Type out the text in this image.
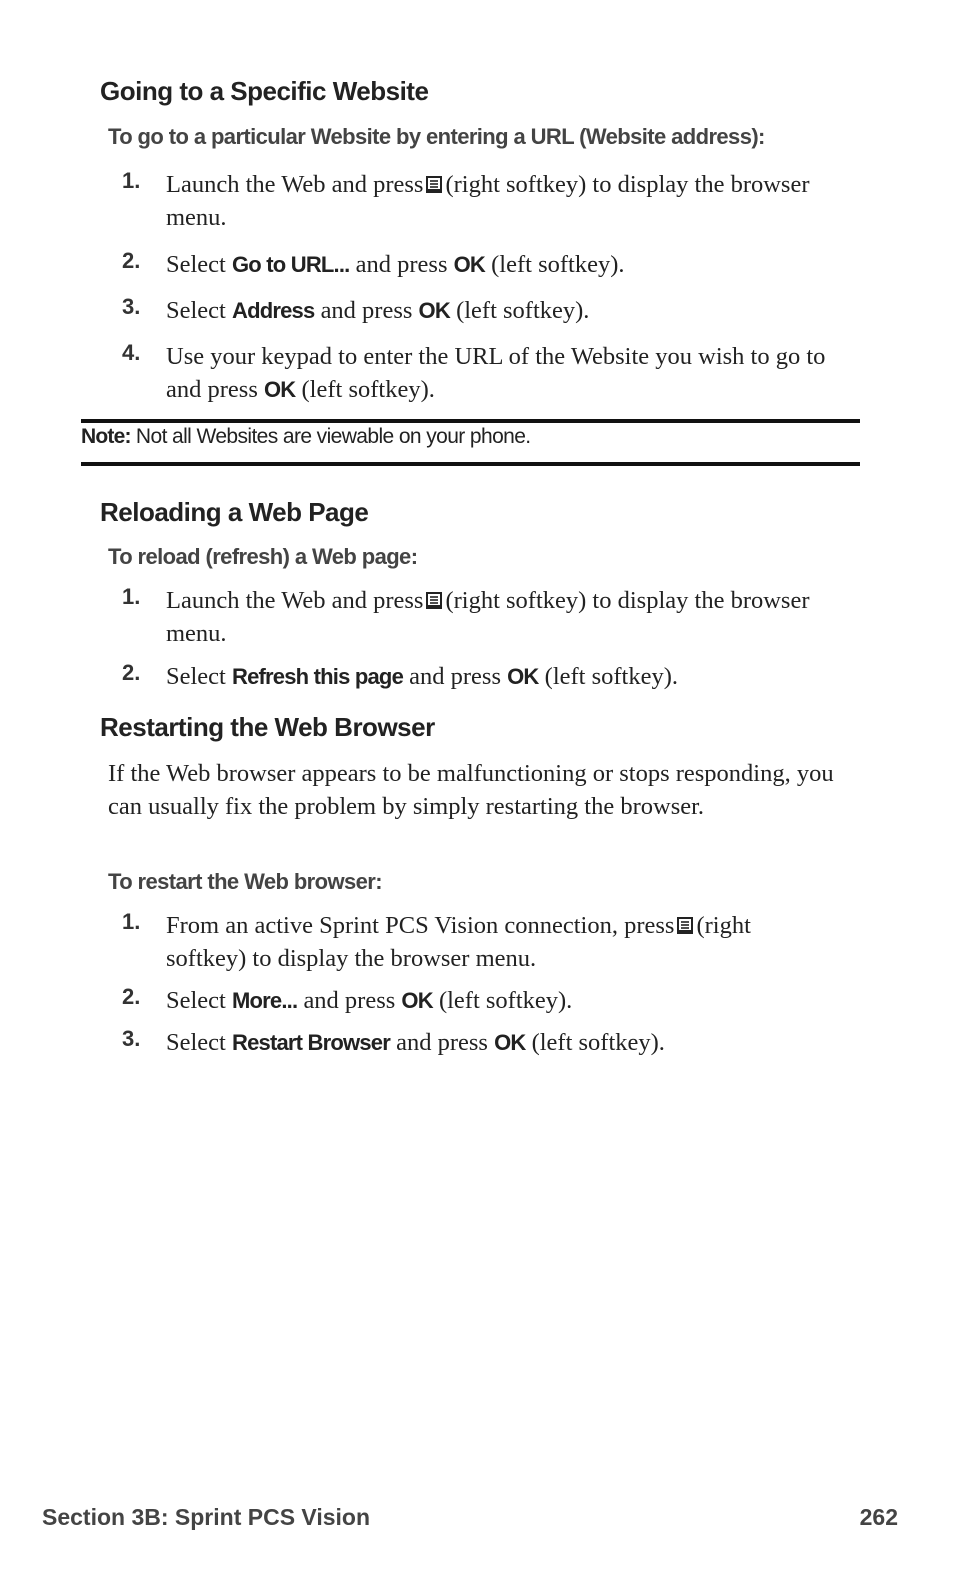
Going to a Specific Website
To go to a particular Website by entering a URL (Website address):
1. Launch the Web and press (right softkey) to display the browser menu.
2. Select Go to URL... and press OK (left softkey).
3. Select Address and press OK (left softkey).
4. Use your keypad to enter the URL of the Website you wish to go to and press OK (left softkey).
Note: Not all Websites are viewable on your phone.
Reloading a Web Page
To reload (refresh) a Web page:
1. Launch the Web and press (right softkey) to display the browser menu.
2. Select Refresh this page and press OK (left softkey).
Restarting the Web Browser
If the Web browser appears to be malfunctioning or stops responding, you can usually fix the problem by simply restarting the browser.
To restart the Web browser:
1. From an active Sprint PCS Vision connection, press (right softkey) to display the browser menu.
2. Select More... and press OK (left softkey).
3. Select Restart Browser and press OK (left softkey).
Section 3B: Sprint PCS Vision	262
